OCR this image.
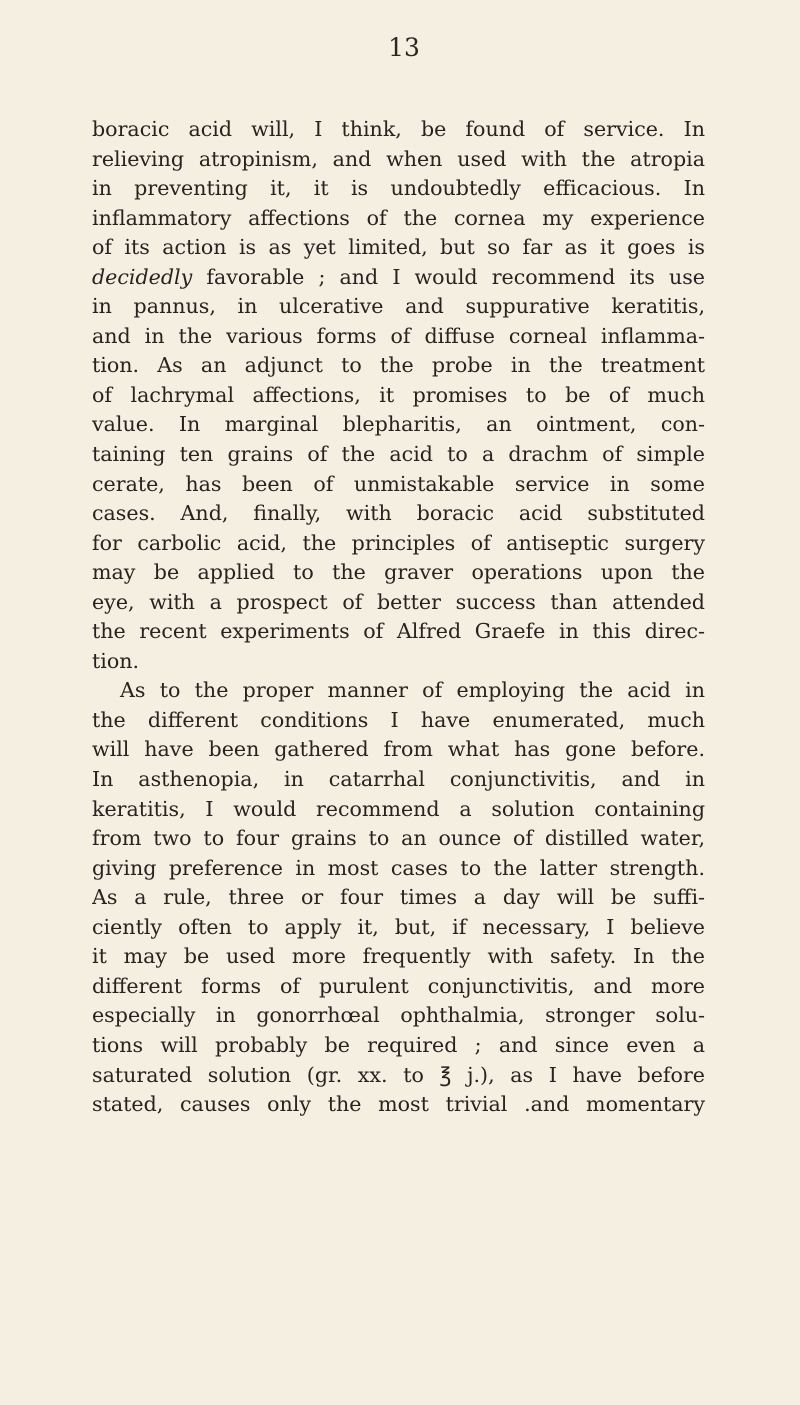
13
boracic acid will, I think, be found of service. In
relieving atropinism, and when used with the atropia
in preventing it, it is undoubtedly efficacious. In
inflammatory affections of the cornea my experience
of its action is as yet limited, but so far as it goes is
decidedly favorable ; and I would recommend its use
in pannus, in ulcerative and suppurative keratitis,
and in the various forms of diffuse corneal inflamma-
tion. As an adjunct to the probe in the treatment
of lachrymal affections, it promises to be of much
value. In marginal blepharitis, an ointment, con-
taining ten grains of the acid to a drachm of simple
cerate, has been of unmistakable service in some
cases. And, finally, with boracic acid substituted
for carbolic acid, the principles of antiseptic surgery
may be applied to the graver operations upon the
eye, with a prospect of better success than attended
the recent experiments of Alfred Graefe in this direc-
tion.
As to the proper manner of employing the acid in
the different conditions I have enumerated, much
will have been gathered from what has gone before.
In asthenopia, in catarrhal conjunctivitis, and in
keratitis, I would recommend a solution containing
from two to four grains to an ounce of distilled water,
giving preference in most cases to the latter strength.
As a rule, three or four times a day will be suffi-
ciently often to apply it, but, if necessary, I believe
it may be used more frequently with safety. In the
different forms of purulent conjunctivitis, and more
especially in gonorrhœal ophthalmia, stronger solu-
tions will probably be required ; and since even a
saturated solution (gr. xx. to ℥ j.), as I have before
stated, causes only the most trivial .and momentary
